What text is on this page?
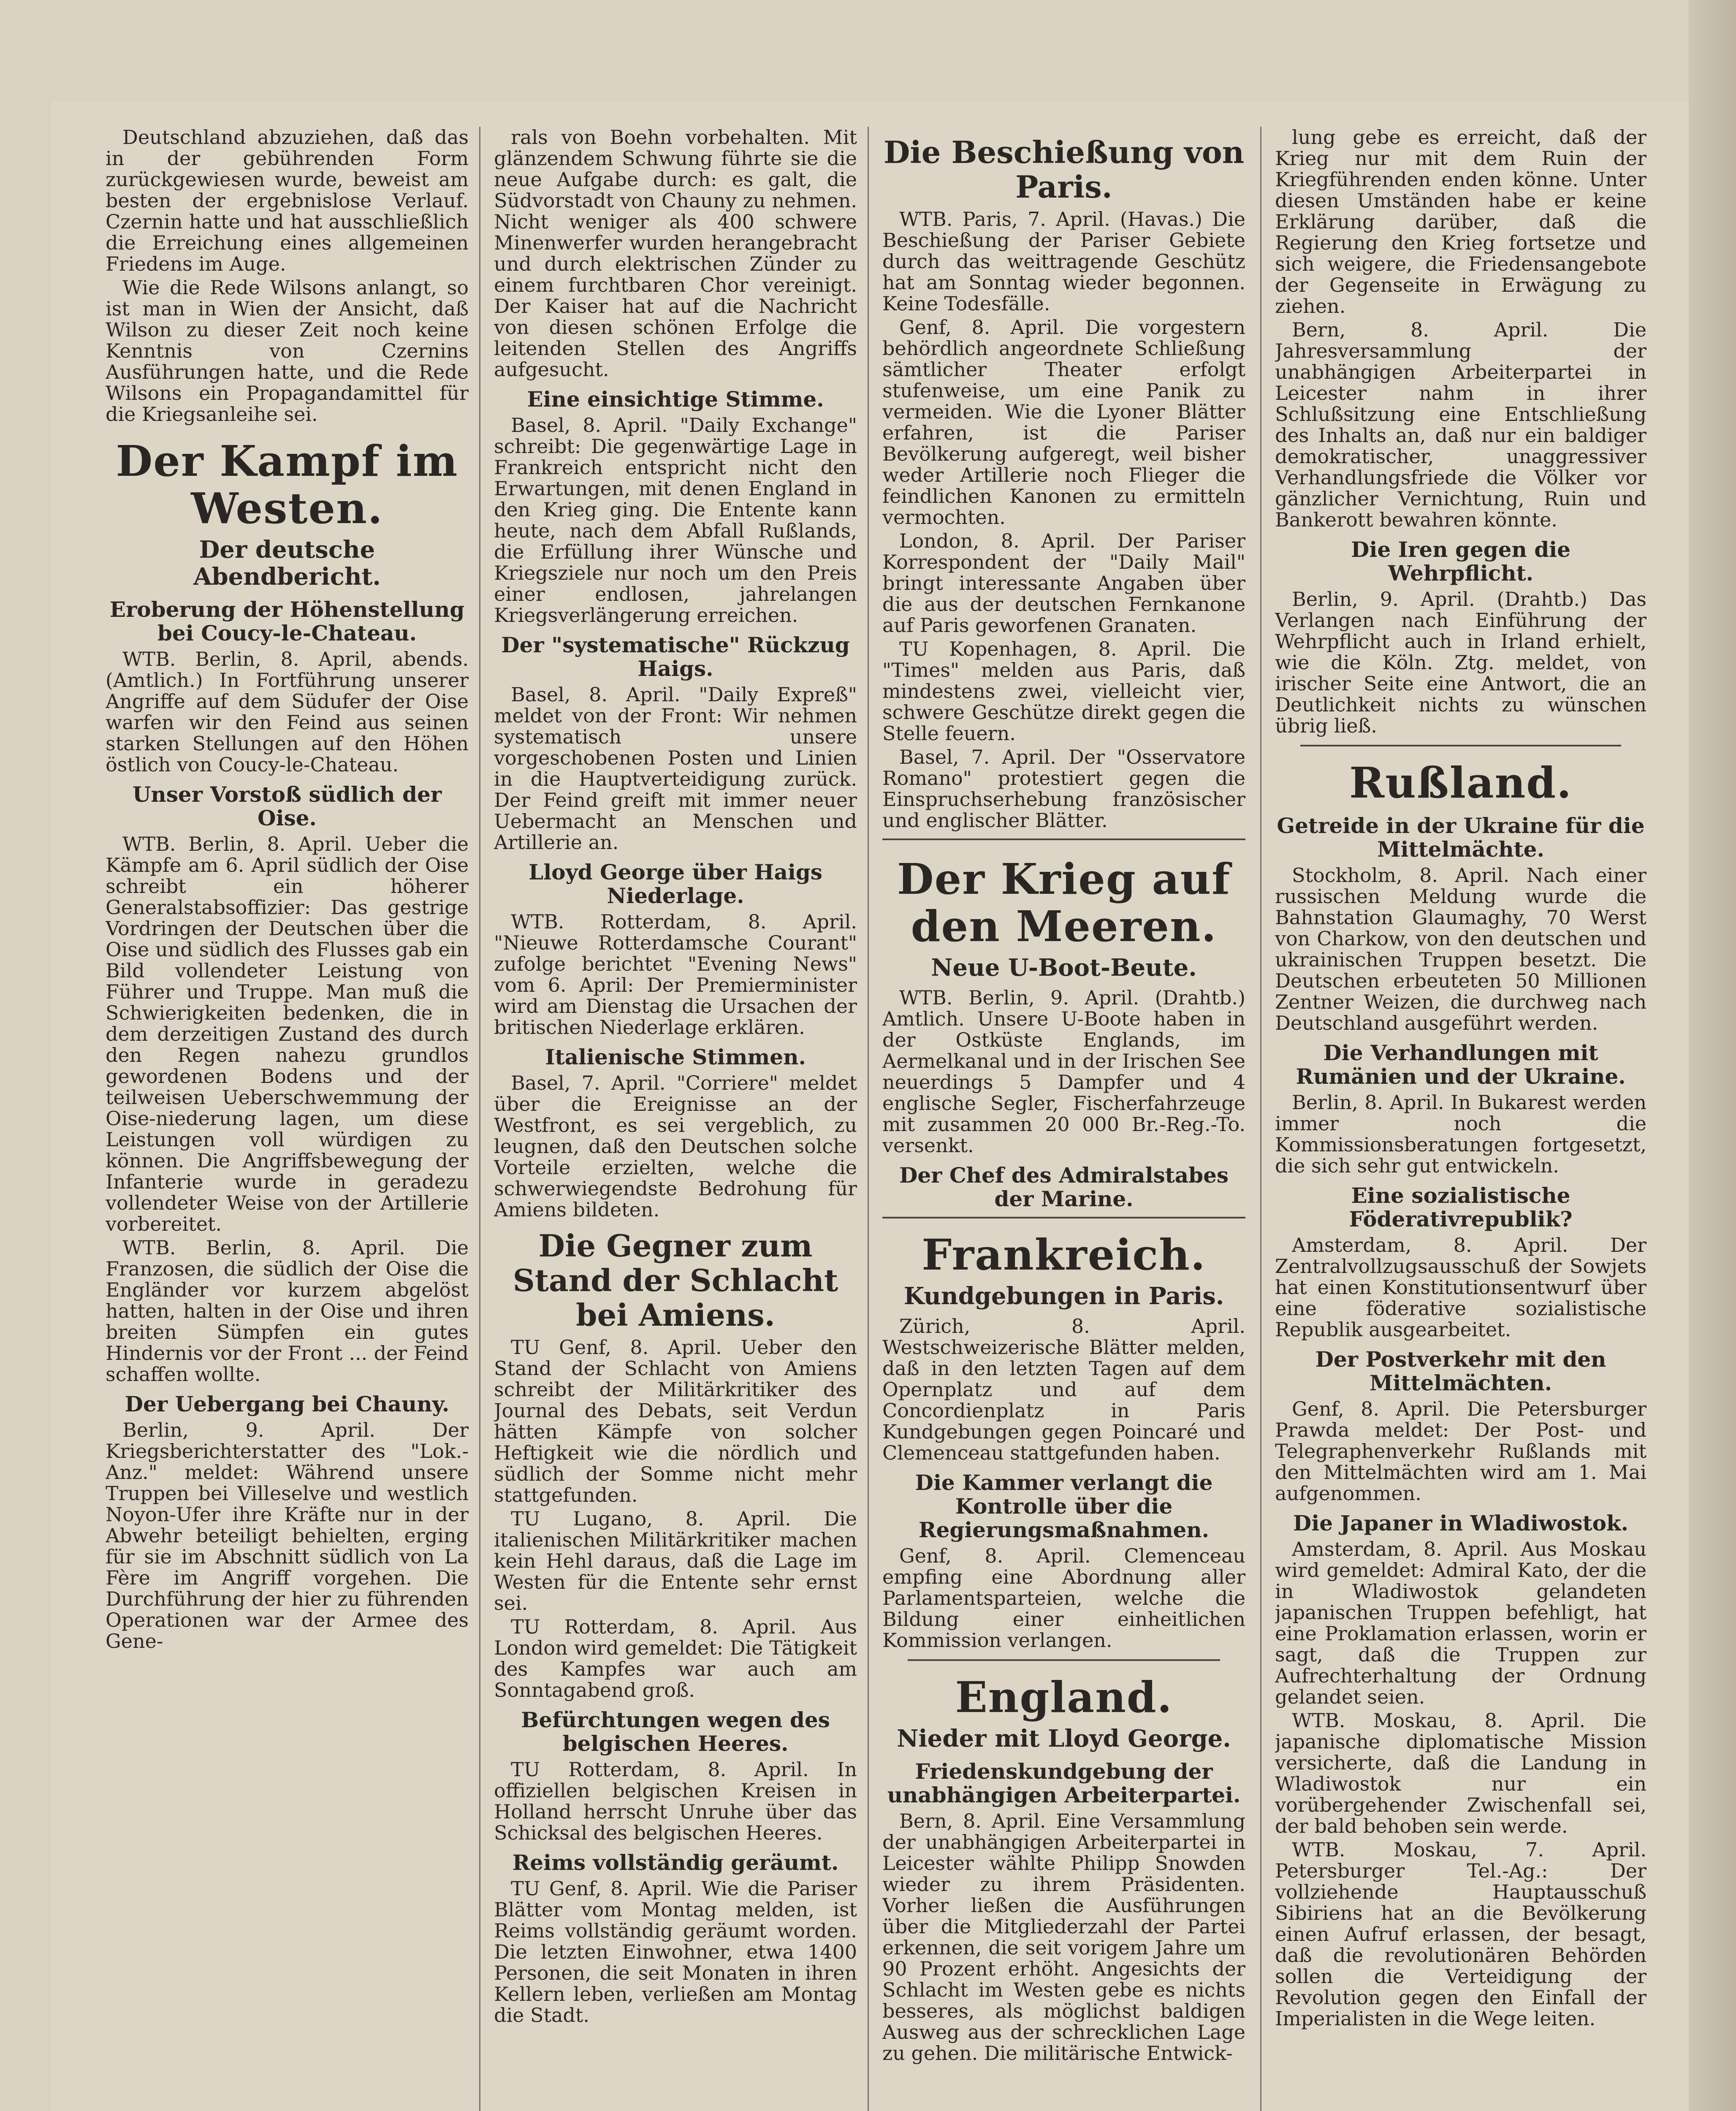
Deutschland abzuziehen, daß das in der gebührenden Form zurückgewiesen wurde, beweist am besten der ergebnislose Verlauf. Czernin hatte und hat ausschließlich die Erreichung eines allgemeinen Friedens im Auge.

Wie die Rede Wilsons anlangt, so ist man in Wien der Ansicht, daß Wilson zu dieser Zeit noch keine Kenntnis von Czernins Ausführungen hatte, und die Rede Wilsons ein Propagandamittel für die Kriegsanleihe sei.

Der Kampf im Westen.
Der deutsche Abendbericht.
Eroberung der Höhenstellung bei Coucy-le-Chateau.

WTB. Berlin, 8. April, abends. (Amtlich.) In Fortführung unserer Angriffe auf dem Südufer der Oise warfen wir den Feind aus seinen starken Stellungen auf den Höhen östlich von Coucy-le-Chateau.

Unser Vorstoß südlich der Oise.

WTB. Berlin, 8. April. Ueber die Kämpfe am 6. April südlich der Oise schreibt ein höherer Generalstabsoffizier: Das gestrige Vordringen der Deutschen über die Oise und südlich des Flusses gab ein Bild vollendeter Leistung von Führer und Truppe. Man muß die Schwierigkeiten bedenken, die in dem derzeitigen Zustand des durch den Regen nahezu grundlos gewordenen Bodens und der teilweisen Ueberschwemmung der Oise-niederung lagen, um diese Leistungen voll würdigen zu können. Die Angriffsbewegung der Infanterie wurde in geradezu vollendeter Weise von der Artillerie vorbereitet.

WTB. Berlin, 8. April. Die Franzosen, die südlich der Oise die Engländer vor kurzem abgelöst hatten, halten in der Oise und ihren breiten Sümpfen ein gutes Hindernis vor der Front ... der Feind schaffen wollte.

Der Uebergang bei Chauny.

Berlin, 9. April. Der Kriegsberichterstatter des "Lok.-Anz." meldet: Während unsere Truppen bei Villeselve und westlich Noyon-Ufer ihre Kräfte nur in der Abwehr beteiligt behielten, erging für sie im Abschnitt südlich von La Fère im Angriff vorgehen. Die Durchführung der hier zu führenden Operationen war der Armee des Gene-

rals von Boehn vorbehalten. Mit glänzendem Schwung führte sie die neue Aufgabe durch: es galt, die Südvorstadt von Chauny zu nehmen. Nicht weniger als 400 schwere Minenwerfer wurden herangebracht und durch elektrischen Zünder zu einem furchtbaren Chor vereinigt. Der Kaiser hat auf die Nachricht von diesen schönen Erfolge die leitenden Stellen des Angriffs aufgesucht.

Eine einsichtige Stimme.

Basel, 8. April. "Daily Exchange" schreibt: Die gegenwärtige Lage in Frankreich entspricht nicht den Erwartungen, mit denen England in den Krieg ging. Die Entente kann heute, nach dem Abfall Rußlands, die Erfüllung ihrer Wünsche und Kriegsziele nur noch um den Preis einer endlosen, jahrelangen Kriegsverlängerung erreichen.

Der "systematische" Rückzug Haigs.

Basel, 8. April. "Daily Expreß" meldet von der Front: Wir nehmen systematisch unsere vorgeschobenen Posten und Linien in die Hauptverteidigung zurück. Der Feind greift mit immer neuer Uebermacht an Menschen und Artillerie an.

Lloyd George über Haigs Niederlage.

WTB. Rotterdam, 8. April. "Nieuwe Rotterdamsche Courant" zufolge berichtet "Evening News" vom 6. April: Der Premierminister wird am Dienstag die Ursachen der britischen Niederlage erklären.

Italienische Stimmen.

Basel, 7. April. "Corriere" meldet über die Ereignisse an der Westfront, es sei vergeblich, zu leugnen, daß den Deutschen solche Vorteile erzielten, welche die schwerwiegendste Bedrohung für Amiens bildeten.

Die Gegner zum Stand der Schlacht bei Amiens.

TU Genf, 8. April. Ueber den Stand der Schlacht von Amiens schreibt der Militärkritiker des Journal des Debats, seit Verdun hätten Kämpfe von solcher Heftigkeit wie die nördlich und südlich der Somme nicht mehr stattgefunden.

TU Lugano, 8. April. Die italienischen Militärkritiker machen kein Hehl daraus, daß die Lage im Westen für die Entente sehr ernst sei.

TU Rotterdam, 8. April. Aus London wird gemeldet: Die Tätigkeit des Kampfes war auch am Sonntagabend groß.

Befürchtungen wegen des belgischen Heeres.

TU Rotterdam, 8. April. In offiziellen belgischen Kreisen in Holland herrscht Unruhe über das Schicksal des belgischen Heeres.

Reims vollständig geräumt.

TU Genf, 8. April. Wie die Pariser Blätter vom Montag melden, ist Reims vollständig geräumt worden. Die letzten Einwohner, etwa 1400 Personen, die seit Monaten in ihren Kellern leben, verließen am Montag die Stadt.

Die Beschießung von Paris.

WTB. Paris, 7. April. (Havas.) Die Beschießung der Pariser Gebiete durch das weittragende Geschütz hat am Sonntag wieder begonnen. Keine Todesfälle.

Genf, 8. April. Die vorgestern behördlich angeordnete Schließung sämtlicher Theater erfolgt stufenweise, um eine Panik zu vermeiden. Wie die Lyoner Blätter erfahren, ist die Pariser Bevölkerung aufgeregt, weil bisher weder Artillerie noch Flieger die feindlichen Kanonen zu ermitteln vermochten.

London, 8. April. Der Pariser Korrespondent der "Daily Mail" bringt interessante Angaben über die aus der deutschen Fernkanone auf Paris geworfenen Granaten.

TU Kopenhagen, 8. April. Die "Times" melden aus Paris, daß mindestens zwei, vielleicht vier, schwere Geschütze direkt gegen die Stelle feuern.

Basel, 7. April. Der "Osservatore Romano" protestiert gegen die Einspruchserhebung französischer und englischer Blätter.

Der Krieg auf den Meeren.
Neue U-Boot-Beute.

WTB. Berlin, 9. April. (Drahtb.) Amtlich. Unsere U-Boote haben in der Ostküste Englands, im Aermelkanal und in der Irischen See neuerdings 5 Dampfer und 4 englische Segler, Fischerfahrzeuge mit zusammen 20 000 Br.-Reg.-To. versenkt.

Der Chef des Admiralstabes der Marine.
Frankreich.
Kundgebungen in Paris.

Zürich, 8. April. Westschweizerische Blätter melden, daß in den letzten Tagen auf dem Opernplatz und auf dem Concordienplatz in Paris Kundgebungen gegen Poincaré und Clemenceau stattgefunden haben.

Die Kammer verlangt die Kontrolle über die Regierungsmaßnahmen.

Genf, 8. April. Clemenceau empfing eine Abordnung aller Parlamentsparteien, welche die Bildung einer einheitlichen Kommission verlangen.

England.
Nieder mit Lloyd George.
Friedenskundgebung der unabhängigen Arbeiterpartei.

Bern, 8. April. Eine Versammlung der unabhängigen Arbeiterpartei in Leicester wählte Philipp Snowden wieder zu ihrem Präsidenten. Vorher ließen die Ausführungen über die Mitgliederzahl der Partei erkennen, die seit vorigem Jahre um 90 Prozent erhöht. Angesichts der Schlacht im Westen gebe es nichts besseres, als möglichst baldigen Ausweg aus der schrecklichen Lage zu gehen. Die militärische Entwick-

lung gebe es erreicht, daß der Krieg nur mit dem Ruin der Kriegführenden enden könne. Unter diesen Umständen habe er keine Erklärung darüber, daß die Regierung den Krieg fortsetze und sich weigere, die Friedensangebote der Gegenseite in Erwägung zu ziehen.

Bern, 8. April. Die Jahresversammlung der unabhängigen Arbeiterpartei in Leicester nahm in ihrer Schlußsitzung eine Entschließung des Inhalts an, daß nur ein baldiger demokratischer, unaggressiver Verhandlungsfriede die Völker vor gänzlicher Vernichtung, Ruin und Bankerott bewahren könnte.

Die Iren gegen die Wehrpflicht.

Berlin, 9. April. (Drahtb.) Das Verlangen nach Einführung der Wehrpflicht auch in Irland erhielt, wie die Köln. Ztg. meldet, von irischer Seite eine Antwort, die an Deutlichkeit nichts zu wünschen übrig ließ.

Rußland.
Getreide in der Ukraine für die Mittelmächte.

Stockholm, 8. April. Nach einer russischen Meldung wurde die Bahnstation Glaumaghy, 70 Werst von Charkow, von den deutschen und ukrainischen Truppen besetzt. Die Deutschen erbeuteten 50 Millionen Zentner Weizen, die durchweg nach Deutschland ausgeführt werden.

Die Verhandlungen mit Rumänien und der Ukraine.

Berlin, 8. April. In Bukarest werden immer noch die Kommissionsberatungen fortgesetzt, die sich sehr gut entwickeln.

Eine sozialistische Föderativrepublik?

Amsterdam, 8. April. Der Zentralvollzugsausschuß der Sowjets hat einen Konstitutionsentwurf über eine föderative sozialistische Republik ausgearbeitet.

Der Postverkehr mit den Mittelmächten.

Genf, 8. April. Die Petersburger Prawda meldet: Der Post- und Telegraphenverkehr Rußlands mit den Mittelmächten wird am 1. Mai aufgenommen.

Die Japaner in Wladiwostok.

Amsterdam, 8. April. Aus Moskau wird gemeldet: Admiral Kato, der die in Wladiwostok gelandeten japanischen Truppen befehligt, hat eine Proklamation erlassen, worin er sagt, daß die Truppen zur Aufrechterhaltung der Ordnung gelandet seien.

WTB. Moskau, 8. April. Die japanische diplomatische Mission versicherte, daß die Landung in Wladiwostok nur ein vorübergehender Zwischenfall sei, der bald behoben sein werde.

WTB. Moskau, 7. April. Petersburger Tel.-Ag.: Der vollziehende Hauptausschuß Sibiriens hat an die Bevölkerung einen Aufruf erlassen, der besagt, daß die revolutionären Behörden sollen die Verteidigung der Revolution gegen den Einfall der Imperialisten in die Wege leiten.
